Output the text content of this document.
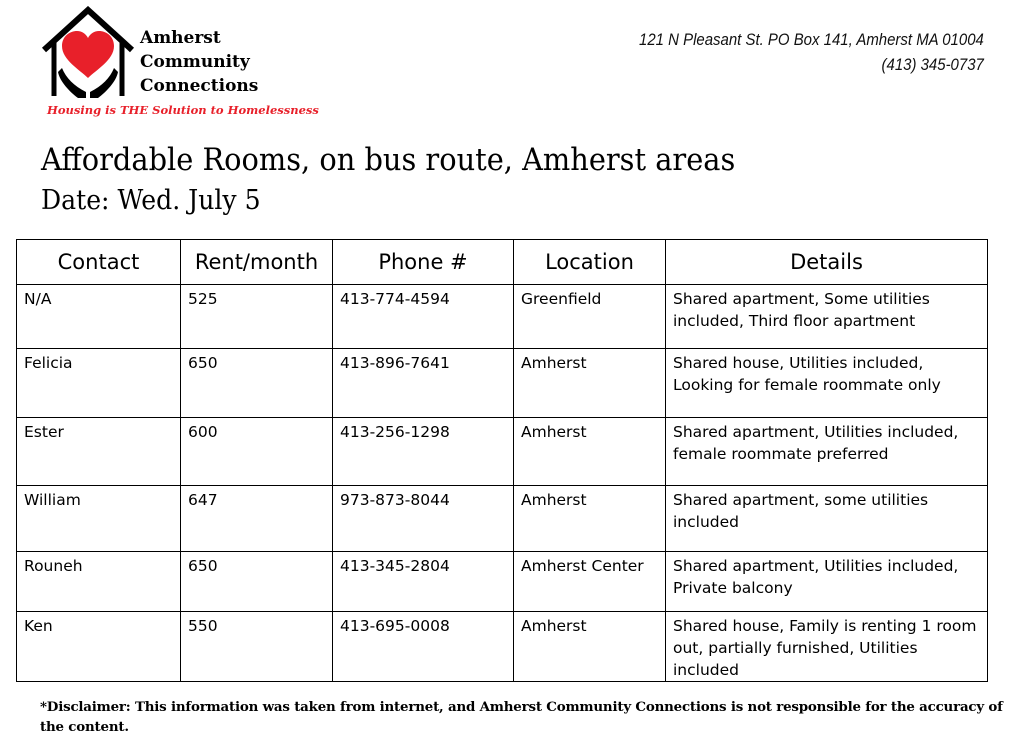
Amherst
Community
Connections
Housing is THE Solution to Homelessness
121 N Pleasant St. PO Box 141, Amherst MA 01004
(413) 345-0737
Affordable Rooms, on bus route, Amherst areas
Date: Wed. July 5
Contact	Rent/month	Phone #	Location	Details
N/A	525	413-774-4594	Greenfield	Shared apartment, Some utilities included, Third floor apartment
Felicia	650	413-896-7641	Amherst	Shared house, Utilities included, Looking for female roommate only
Ester	600	413-256-1298	Amherst	Shared apartment, Utilities included, female roommate preferred
William	647	973-873-8044	Amherst	Shared apartment, some utilities included
Rouneh	650	413-345-2804	Amherst Center	Shared apartment, Utilities included, Private balcony
Ken	550	413-695-0008	Amherst	Shared house, Family is renting 1 room out, partially furnished, Utilities included
*Disclaimer: This information was taken from internet, and Amherst Community Connections is not responsible for the accuracy of the content.
